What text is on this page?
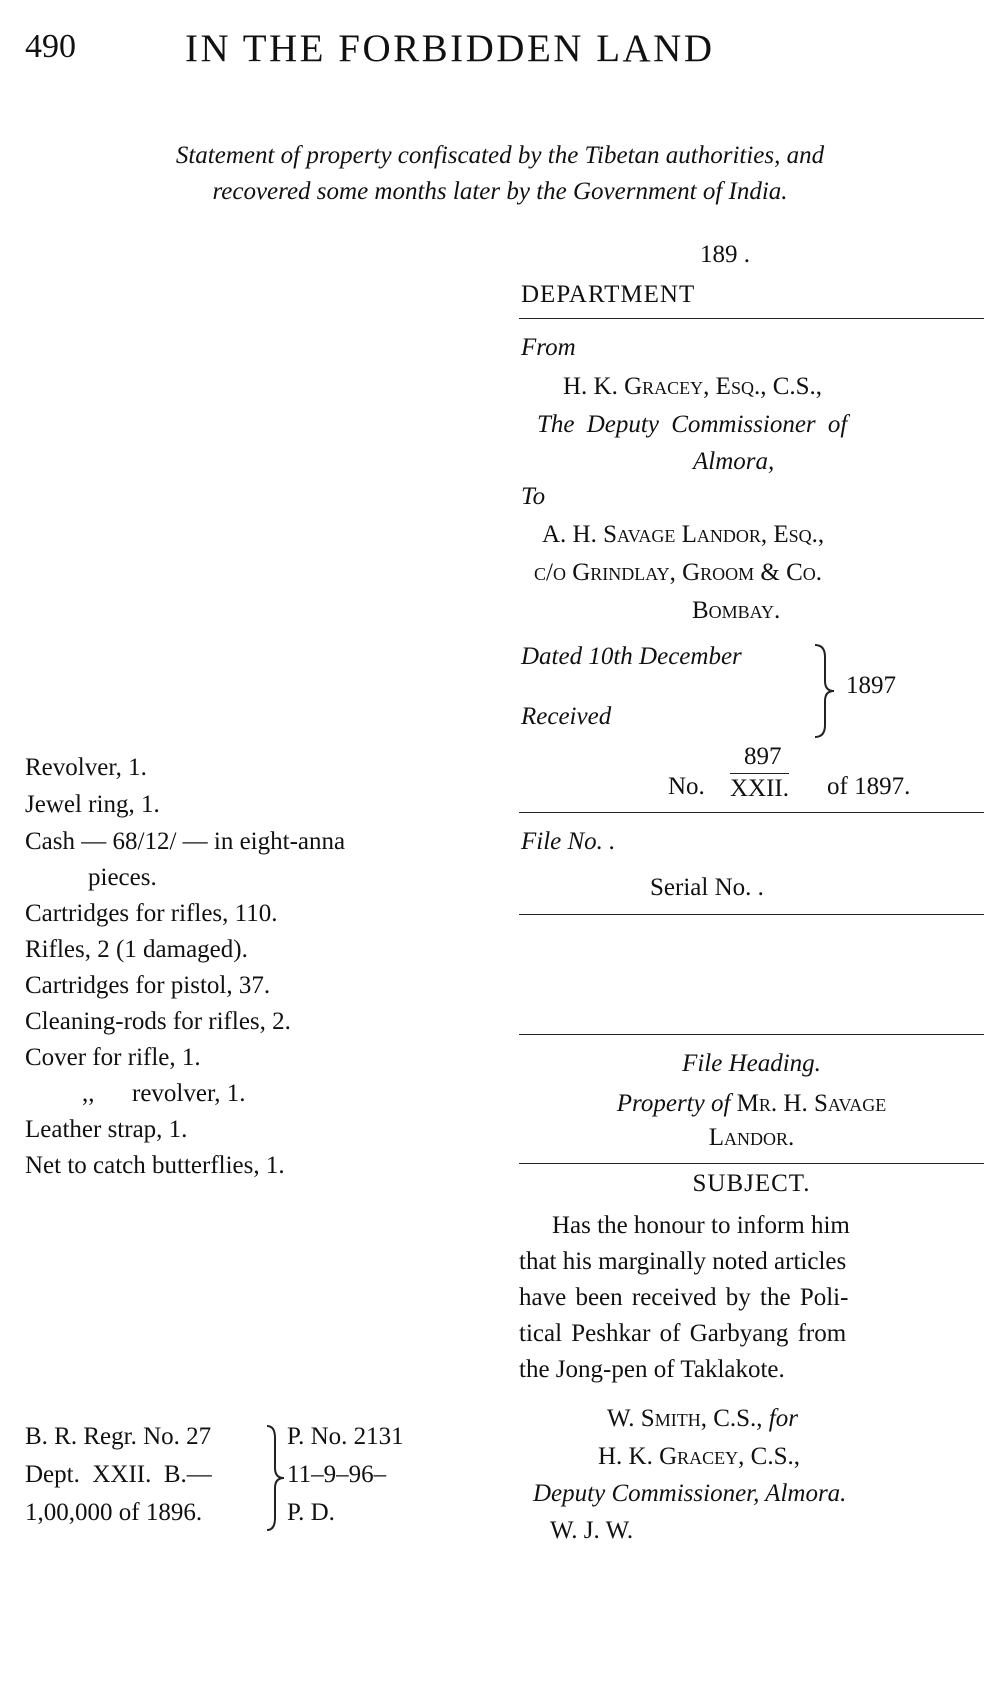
490	IN THE FORBIDDEN LAND
Statement of property confiscated by the Tibetan authorities, and
recovered some months later by the Government of India.
189 .
DEPARTMENT
From
H. K. Gracey, Esq., C.S.,
The Deputy Commissioner of
Almora,
To
A. H. Savage Landor, Esq.,
c/o Grindlay, Groom & Co.
Bombay.
Dated 10th December
Received
1897
897
No. XXII. of 1897.
File No. .
Serial No. .
File Heading.
Property of Mr. H. Savage
Landor.
SUBJECT.
Has the honour to inform him
that his marginally noted articles
have been received by the Poli-
tical Peshkar of Garbyang from
the Jong-pen of Taklakote.
W. Smith, C.S., for
H. K. Gracey, C.S.,
Deputy Commissioner, Almora.
W. J. W.
Revolver, 1.
Jewel ring, 1.
Cash — 68/12/ — in eight-anna
pieces.
Cartridges for rifles, 110.
Rifles, 2 (1 damaged).
Cartridges for pistol, 37.
Cleaning-rods for rifles, 2.
Cover for rifle, 1.
,,      revolver, 1.
Leather strap, 1.
Net to catch butterflies, 1.
B. R. Regr. No. 27
Dept.  XXII.  B.—
1,00,000 of 1896.
P. No. 2131
11–9–96–
P. D.
